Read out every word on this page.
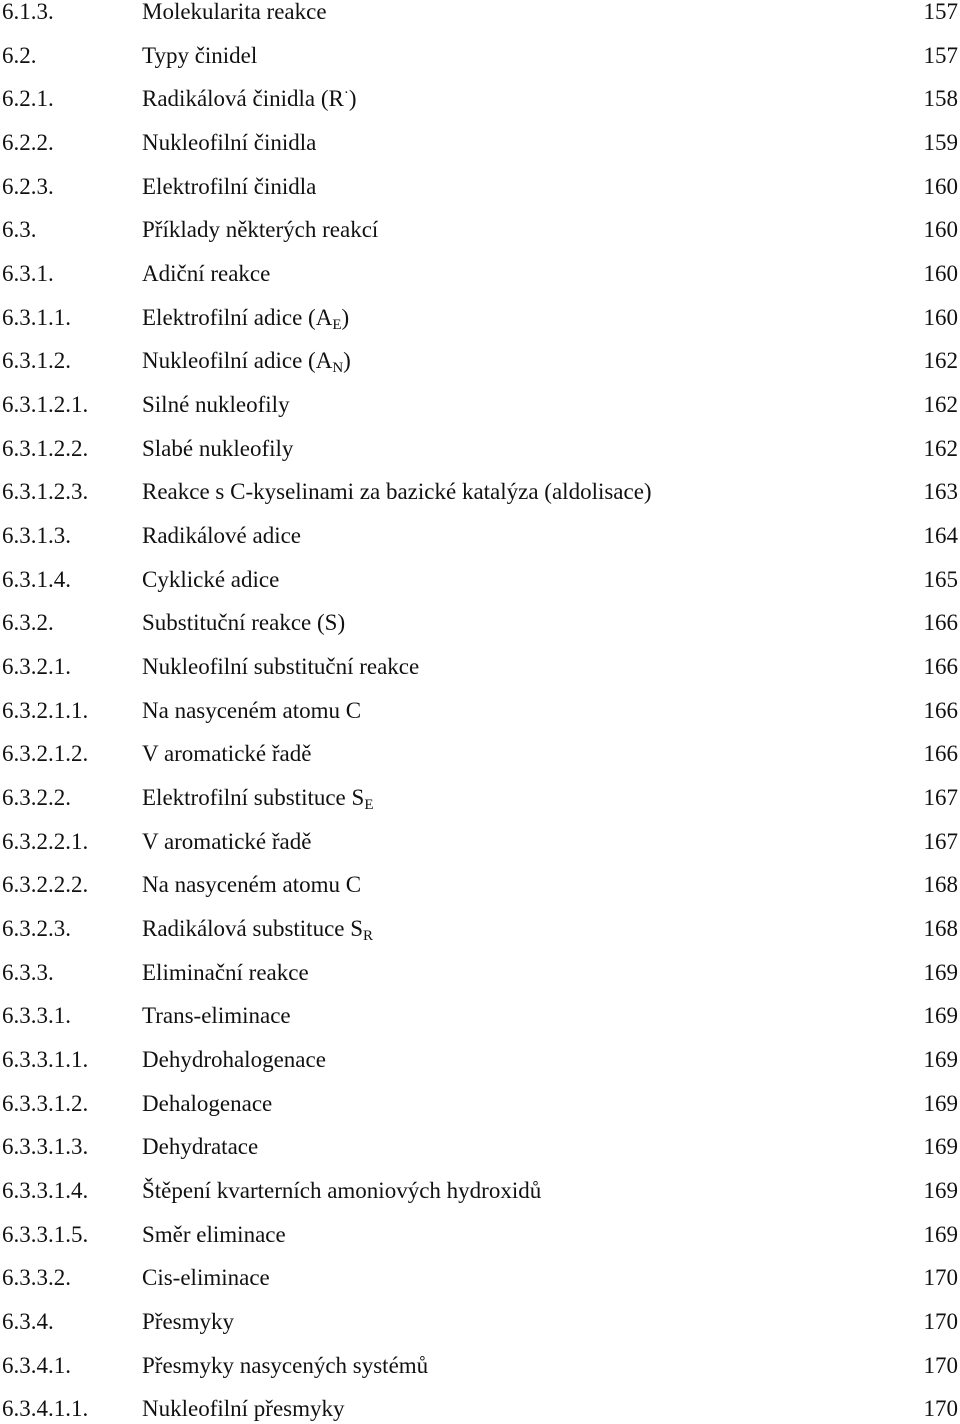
6.1.3.	Molekularita reakce	157
6.2.	Typy činidel	157
6.2.1.	Radikálová činidla (R·)	158
6.2.2.	Nukleofilní činidla	159
6.2.3.	Elektrofilní činidla	160
6.3.	Příklady některých reakcí	160
6.3.1.	Adiční reakce	160
6.3.1.1.	Elektrofilní adice $(A_E)$	160
6.3.1.2.	Nukleofilní adice $(A_N)$	162
6.3.1.2.1. Silné nukleofily	162
6.3.1.2.2. Slabé nukleofily	162
6.3.1.2.3. Reakce s C-kyselinami za bazické katalýza (aldolisace)	163
6.3.1.3.	Radikálové adice	164
6.3.1.4.	Cyklické adice	165
6.3.2.	Substituční reakce (S)	166
6.3.2.1.	Nukleofilní substituční reakce	166
6.3.2.1.1. Na nasyceném atomu C	166
6.3.2.1.2. V aromatické řadě	166
6.3.2.2.	Elektrofilní substituce $S_E$	167
6.3.2.2.1. V aromatické řadě	167
6.3.2.2.2. Na nasyceném atomu C	168
6.3.2.3.	Radikálová substituce $S_R$	168
6.3.3.	Eliminační reakce	169
6.3.3.1.	Trans-eliminace	169
6.3.3.1.1. Dehydrohalogenace	169
6.3.3.1.2. Dehalogenace	169
6.3.3.1.3. Dehydratace	169
6.3.3.1.4. Štěpení kvarterních amoniových hydroxidů	169
6.3.3.1.5. Směr eliminace	169
6.3.3.2.	Cis-eliminace	170
6.3.4.	Přesmyky	170
6.3.4.1.	Přesmyky nasycených systémů	170
6.3.4.1.1. Nukleofilní přesmyky	170
